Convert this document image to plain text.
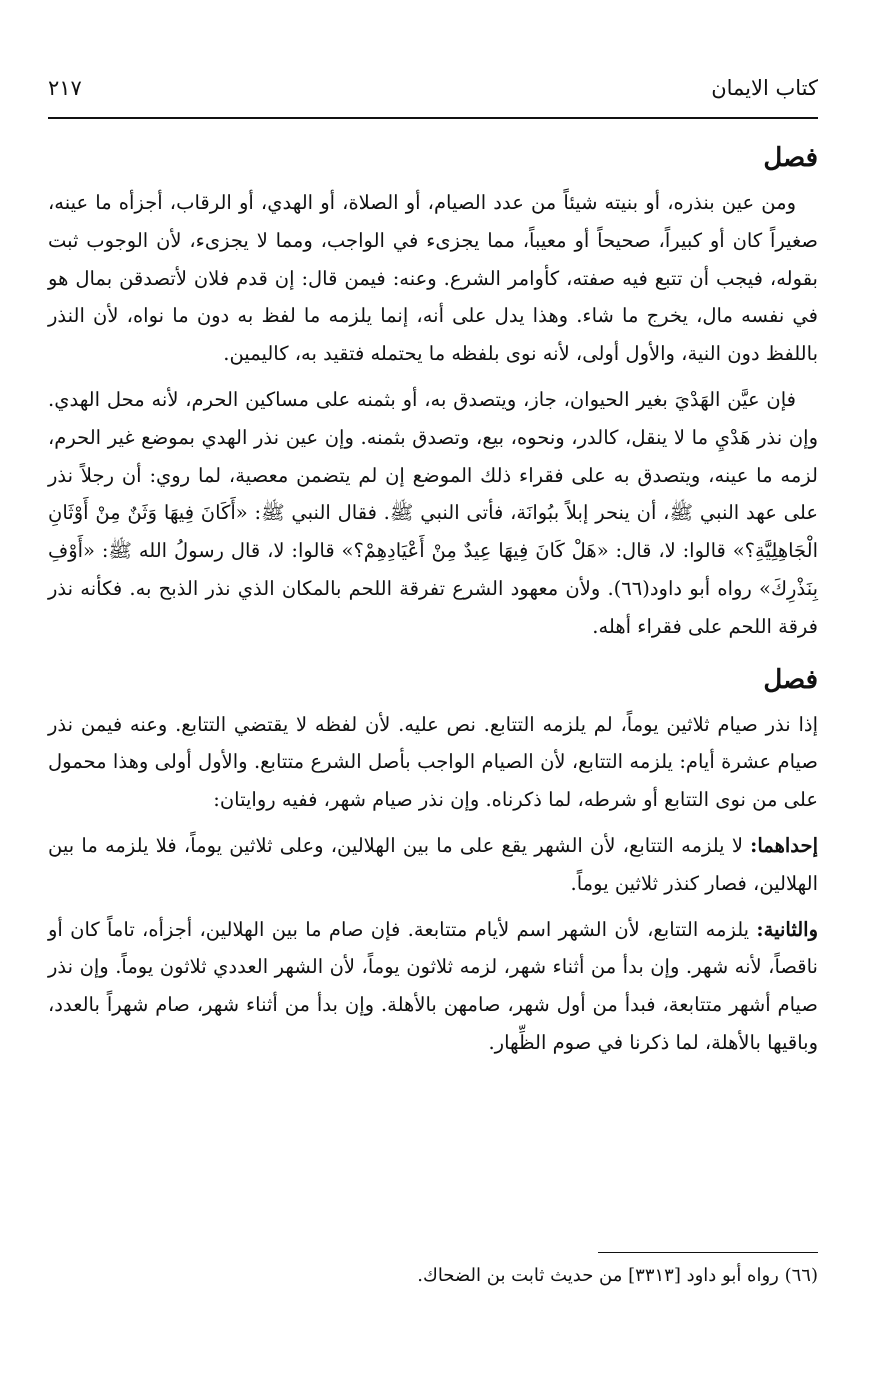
٢١٧	كتاب الايمان
فصل

ومن عين بنذره، أو بنيته شيئاً من عدد الصيام، أو الصلاة، أو الهدي، أو الرقاب، أجزأه ما عينه، صغيراً كان أو كبيراً، صحيحاً أو معيباً، مما يجزىء في الواجب، ومما لا يجزىء، لأن الوجوب ثبت بقوله، فيجب أن تتبع فيه صفته، كأوامر الشرع. وعنه: فيمن قال: إن قدم فلان لأتصدقن بمال هو في نفسه مال، يخرج ما شاء. وهذا يدل على أنه، إنما يلزمه ما لفظ به دون ما نواه، لأن النذر باللفظ دون النية، والأول أولى، لأنه نوى بلفظه ما يحتمله فتقيد به، كاليمين.

فإن عيَّن الهَدْيَ بغير الحيوان، جاز، ويتصدق به، أو بثمنه على مساكين الحرم، لأنه محل الهدي. وإن نذر هَدْيِ ما لا ينقل، كالدر، ونحوه، بيع، وتصدق بثمنه. وإن عين نذر الهدي بموضع غير الحرم، لزمه ما عينه، ويتصدق به على فقراء ذلك الموضع إن لم يتضمن معصية، لما روي: أن رجلاً نذر على عهد النبي ﷺ، أن ينحر إبلاً ببُوانَة، فأتى النبي ﷺ. فقال النبي ﷺ: «أَكَانَ فِيهَا وَثَنٌ مِنْ أَوْثَانِ الْجَاهِلِيَّةِ؟» قالوا: لا، قال: «هَلْ كَانَ فِيهَا عِيدٌ مِنْ أَعْيَادِهِمْ؟» قالوا: لا، قال رسولُ الله ﷺ: «أَوْفِ بِنَذْرِكَ» رواه أبو داود(٦٦). ولأن معهود الشرع تفرقة اللحم بالمكان الذي نذر الذبح به. فكأنه نذر فرقة اللحم على فقراء أهله.

فصل

إذا نذر صيام ثلاثين يوماً، لم يلزمه التتابع. نص عليه. لأن لفظه لا يقتضي التتابع. وعنه فيمن نذر صيام عشرة أيام: يلزمه التتابع، لأن الصيام الواجب بأصل الشرع متتابع. والأول أولى وهذا محمول على من نوى التتابع أو شرطه، لما ذكرناه. وإن نذر صيام شهر، ففيه روايتان:

إحداهما: لا يلزمه التتابع، لأن الشهر يقع على ما بين الهلالين، وعلى ثلاثين يوماً، فلا يلزمه ما بين الهلالين، فصار كنذر ثلاثين يوماً.

والثانية: يلزمه التتابع، لأن الشهر اسم لأيام متتابعة. فإن صام ما بين الهلالين، أجزأه، تاماً كان أو ناقصاً، لأنه شهر. وإن بدأ من أثناء شهر، لزمه ثلاثون يوماً، لأن الشهر العددي ثلاثون يوماً. وإن نذر صيام أشهر متتابعة، فبدأ من أول شهر، صامهن بالأهلة. وإن بدأ من أثناء شهر، صام شهراً بالعدد، وباقيها بالأهلة، لما ذكرنا في صوم الظِّهار.

(٦٦) رواه أبو داود [٣٣١٣] من حديث ثابت بن الضحاك.
